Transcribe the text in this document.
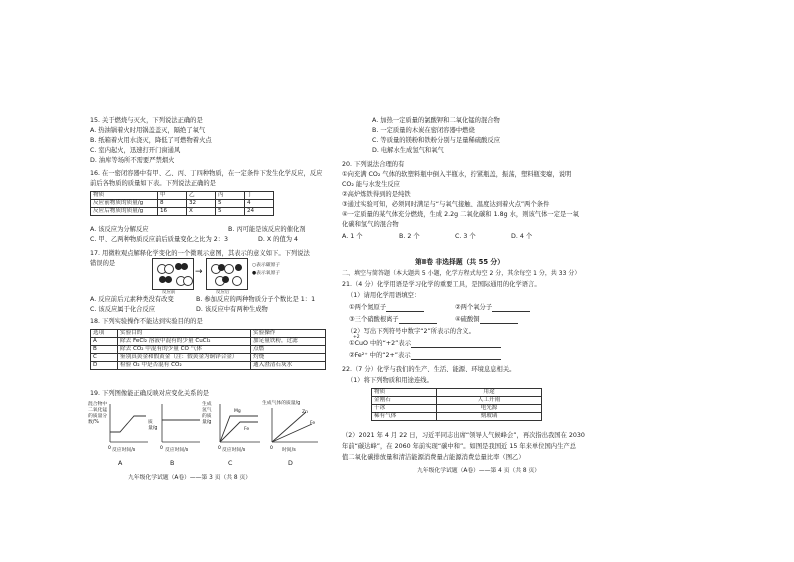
15. 关于燃烧与灭火，下列说法正确的是
A. 热油锅着火时用锅盖盖灭，隔绝了氧气
B. 纸箱着火用水浇灭，降低了可燃物着火点
C. 室内起火，迅速打开门窗通风
D. 油库等场所不需要严禁烟火
16. 在一密闭容器中有甲、乙、丙、丁四种物质，在一定条件下发生化学反应，反应
前后各物质的质量如下表。下列说法正确的是
物质	甲	乙	丙	丁
反应前物质的质量/g	8	32	5	4
反应后物质的质量/g	16	X	5	24
A. 该反应为分解反应	B. 丙可能是该反应的催化剂
C. 甲、乙两种物质反应前后质量变化之比为 2：3	D. X 的值为 4
17. 用微粒观点解释化学变化的一个微观示意图，其表示的意义如下。下列说法
错误的是
反应前
→
反应后
○表示碳原子
●表示氧原子
A. 反应前后元素种类没有改变	B. 参加反应的两种物质分子个数比是 1：1
C. 该反应属于化合反应	D. 该反应中有两种生成物
18. 下列实验操作不能达到实验目的的是
选项	实验目的	实验操作
A	除去 FeCl₂ 溶液中混有的少量 CuCl₂	加足量铁粉，过滤
B	除去 CO₂ 中混有的少量 CO 气体	点燃
C	鉴别真黄金和假黄金（注：假黄金为铜锌合金）	灼烧
D	检验 O₂ 中是否混有 CO₂	通入澄清石灰水
19. 下列图像能正确反映对应变化关系的是
0
混合物中二氧化锰的质量分数/%
反应时间/s
A
0
质量/g
反应时间/s
B
0
生成氢气的质量/g
Mg
Fe
反应时间/s
C
0
生成气体的质量/g
Zn
Fe
时间/s
D
九年级化学试题（A卷）——第 3 页（共 8 页）
A. 加热一定质量的氯酸钾和二氧化锰的混合物
B. 一定质量的木炭在密闭容器中燃烧
C. 等质量的镁粉和铁粉分别与足量稀硫酸反应
D. 电解水生成氢气和氧气
20. 下列说法合理的有
①向充满 CO₂ 气体的软塑料瓶中倒入半瓶水，拧紧瓶盖，振荡，塑料瓶变瘪，说明
CO₂ 能与水发生反应
②高炉炼铁得到的是纯铁
③通过实验可知，必须同时满足与“与氧气接触、温度达到着火点”两个条件
④一定质量的某气体充分燃烧，生成 2.2g 二氧化碳和 1.8g 水，则该气体一定是一氧
化碳和氢气的混合物
A. 1 个	B. 2 个	C. 3 个	D. 4 个
第Ⅱ卷 非选择题（共 55 分）
二、填空与简答题（本大题共 5 小题，化学方程式每空 2 分，其余每空 1 分，共 33 分）
21.（4 分）化学用语是学习化学的重要工具，是国际通用的化学语言。
（1）请用化学用语填空：
①两个氮原子	②两个氧分子
③三个硝酸根离子	④硫酸铜
（2）写出下列符号中数字“2”所表示的含义。
+2
①CuO 中的“+2”表示
②Fe²⁺ 中的“2+”表示
22.（7 分）化学与我们的生产、生活、能源、环境息息相关。
（1）将下列物质和用途连线。
物质	用途
金刚石	人工开雨
干冰	电光源
稀有气体	刻玻璃
（2）2021 年 4 月 22 日，习近平同志出席“领导人气候峰会”，再次指出我国在 2030
年前“碳达峰”，在 2060 年前实现“碳中和”。如图是我国近 15 年来单位国内生产总
值二氧化碳排放量和清洁能源消费量占能源消费总量比率（图乙）
九年级化学试题（A卷）——第 4 页（共 8 页）
